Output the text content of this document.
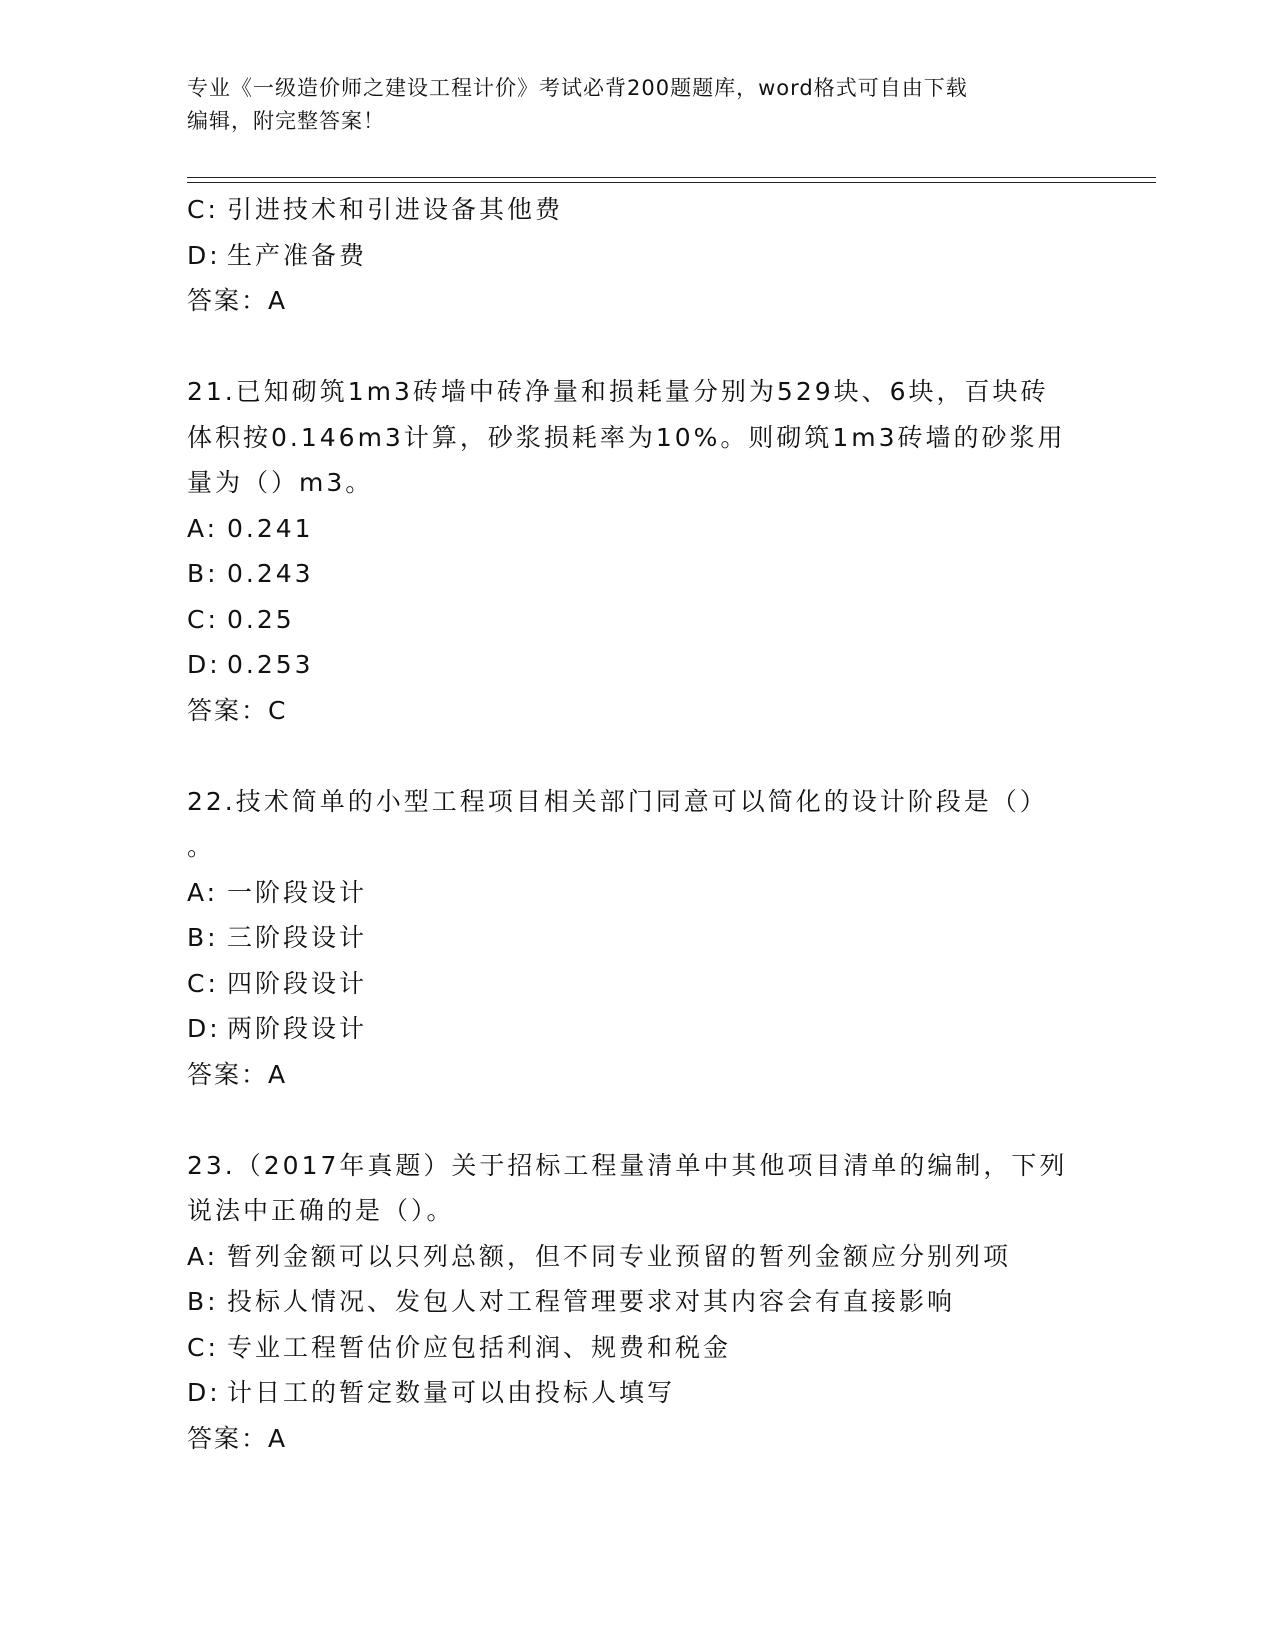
专业《一级造价师之建设工程计价》考试必背200题题库，word格式可自由下载
编辑，附完整答案！
C: 引进技术和引进设备其他费
D: 生产准备费
答案：A
21.已知砌筑1m3砖墙中砖净量和损耗量分别为529块、6块，百块砖
体积按0.146m3计算，砂浆损耗率为10%。则砌筑1m3砖墙的砂浆用
量为（）m3。
A: 0.241
B: 0.243
C: 0.25
D: 0.253
答案：C
22.技术简单的小型工程项目相关部门同意可以简化的设计阶段是（）
。
A: 一阶段设计
B: 三阶段设计
C: 四阶段设计
D: 两阶段设计
答案：A
23.（2017年真题）关于招标工程量清单中其他项目清单的编制，下列
说法中正确的是（）。
A: 暂列金额可以只列总额，但不同专业预留的暂列金额应分别列项
B: 投标人情况、发包人对工程管理要求对其内容会有直接影响
C: 专业工程暂估价应包括利润、规费和税金
D: 计日工的暂定数量可以由投标人填写
答案：A
